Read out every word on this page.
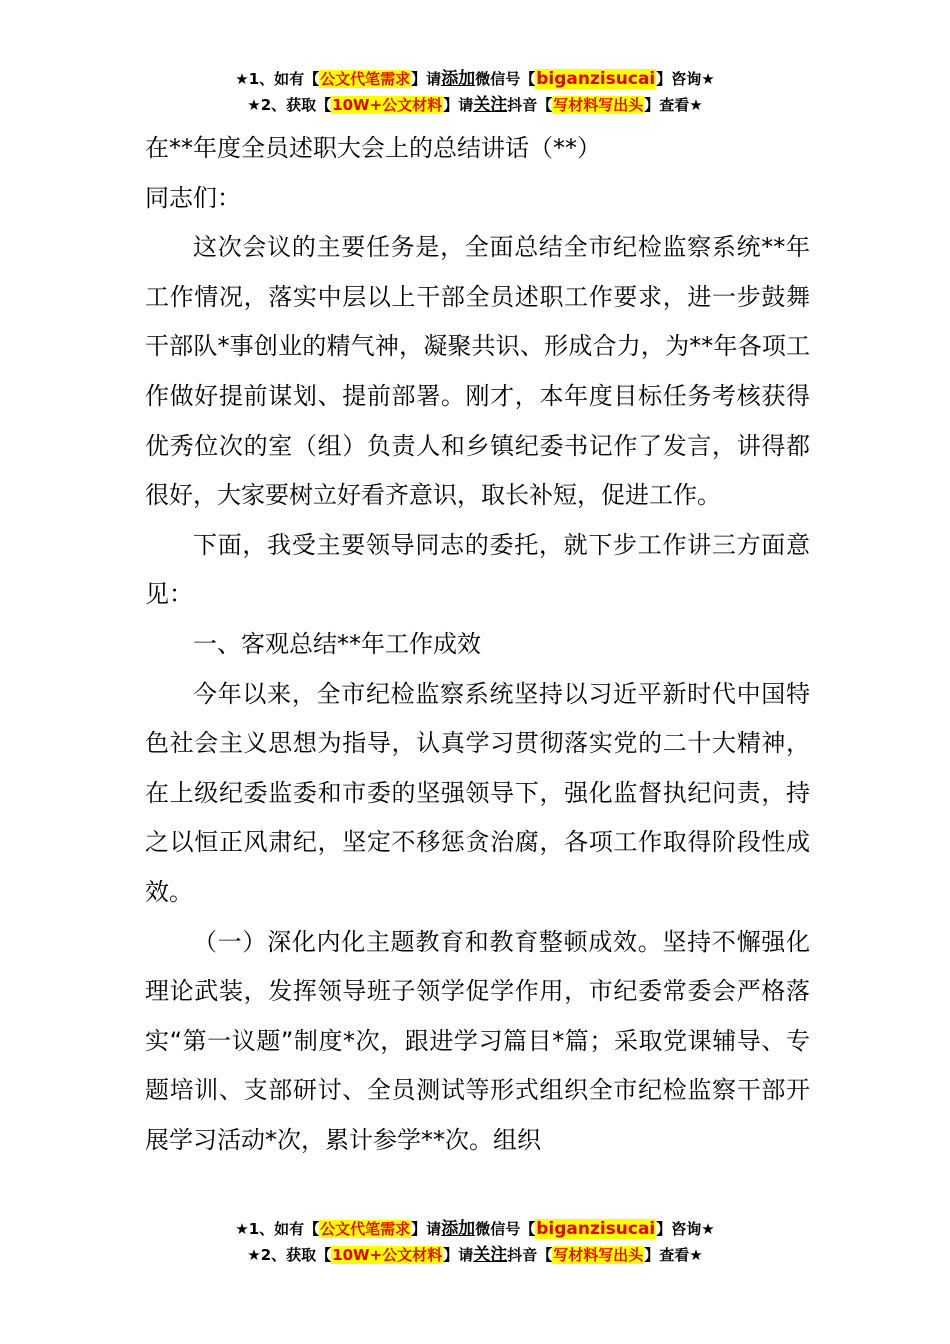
★1、如有【公文代笔需求】请添加微信号【biganzisucai】咨询★
★2、获取【10W+公文材料】请关注抖音【写材料写出头】查看★

在**年度全员述职大会上的总结讲话（**）

同志们：

这次会议的主要任务是，全面总结全市纪检监察系统**年工作情况，落实中层以上干部全员述职工作要求，进一步鼓舞干部队*事创业的精气神，凝聚共识、形成合力，为**年各项工作做好提前谋划、提前部署。刚才，本年度目标任务考核获得优秀位次的室（组）负责人和乡镇纪委书记作了发言，讲得都很好，大家要树立好看齐意识，取长补短，促进工作。

下面，我受主要领导同志的委托，就下步工作讲三方面意见：

一、客观总结**年工作成效

今年以来，全市纪检监察系统坚持以习近平新时代中国特色社会主义思想为指导，认真学习贯彻落实党的二十大精神，在上级纪委监委和市委的坚强领导下，强化监督执纪问责，持之以恒正风肃纪，坚定不移惩贪治腐，各项工作取得阶段性成效。

（一）深化内化主题教育和教育整顿成效。坚持不懈强化理论武装，发挥领导班子领学促学作用，市纪委常委会严格落实“第一议题”制度*次，跟进学习篇目*篇；采取党课辅导、专题培训、支部研讨、全员测试等形式组织全市纪检监察干部开展学习活动*次，累计参学**次。组织

★1、如有【公文代笔需求】请添加微信号【biganzisucai】咨询★
★2、获取【10W+公文材料】请关注抖音【写材料写出头】查看★
